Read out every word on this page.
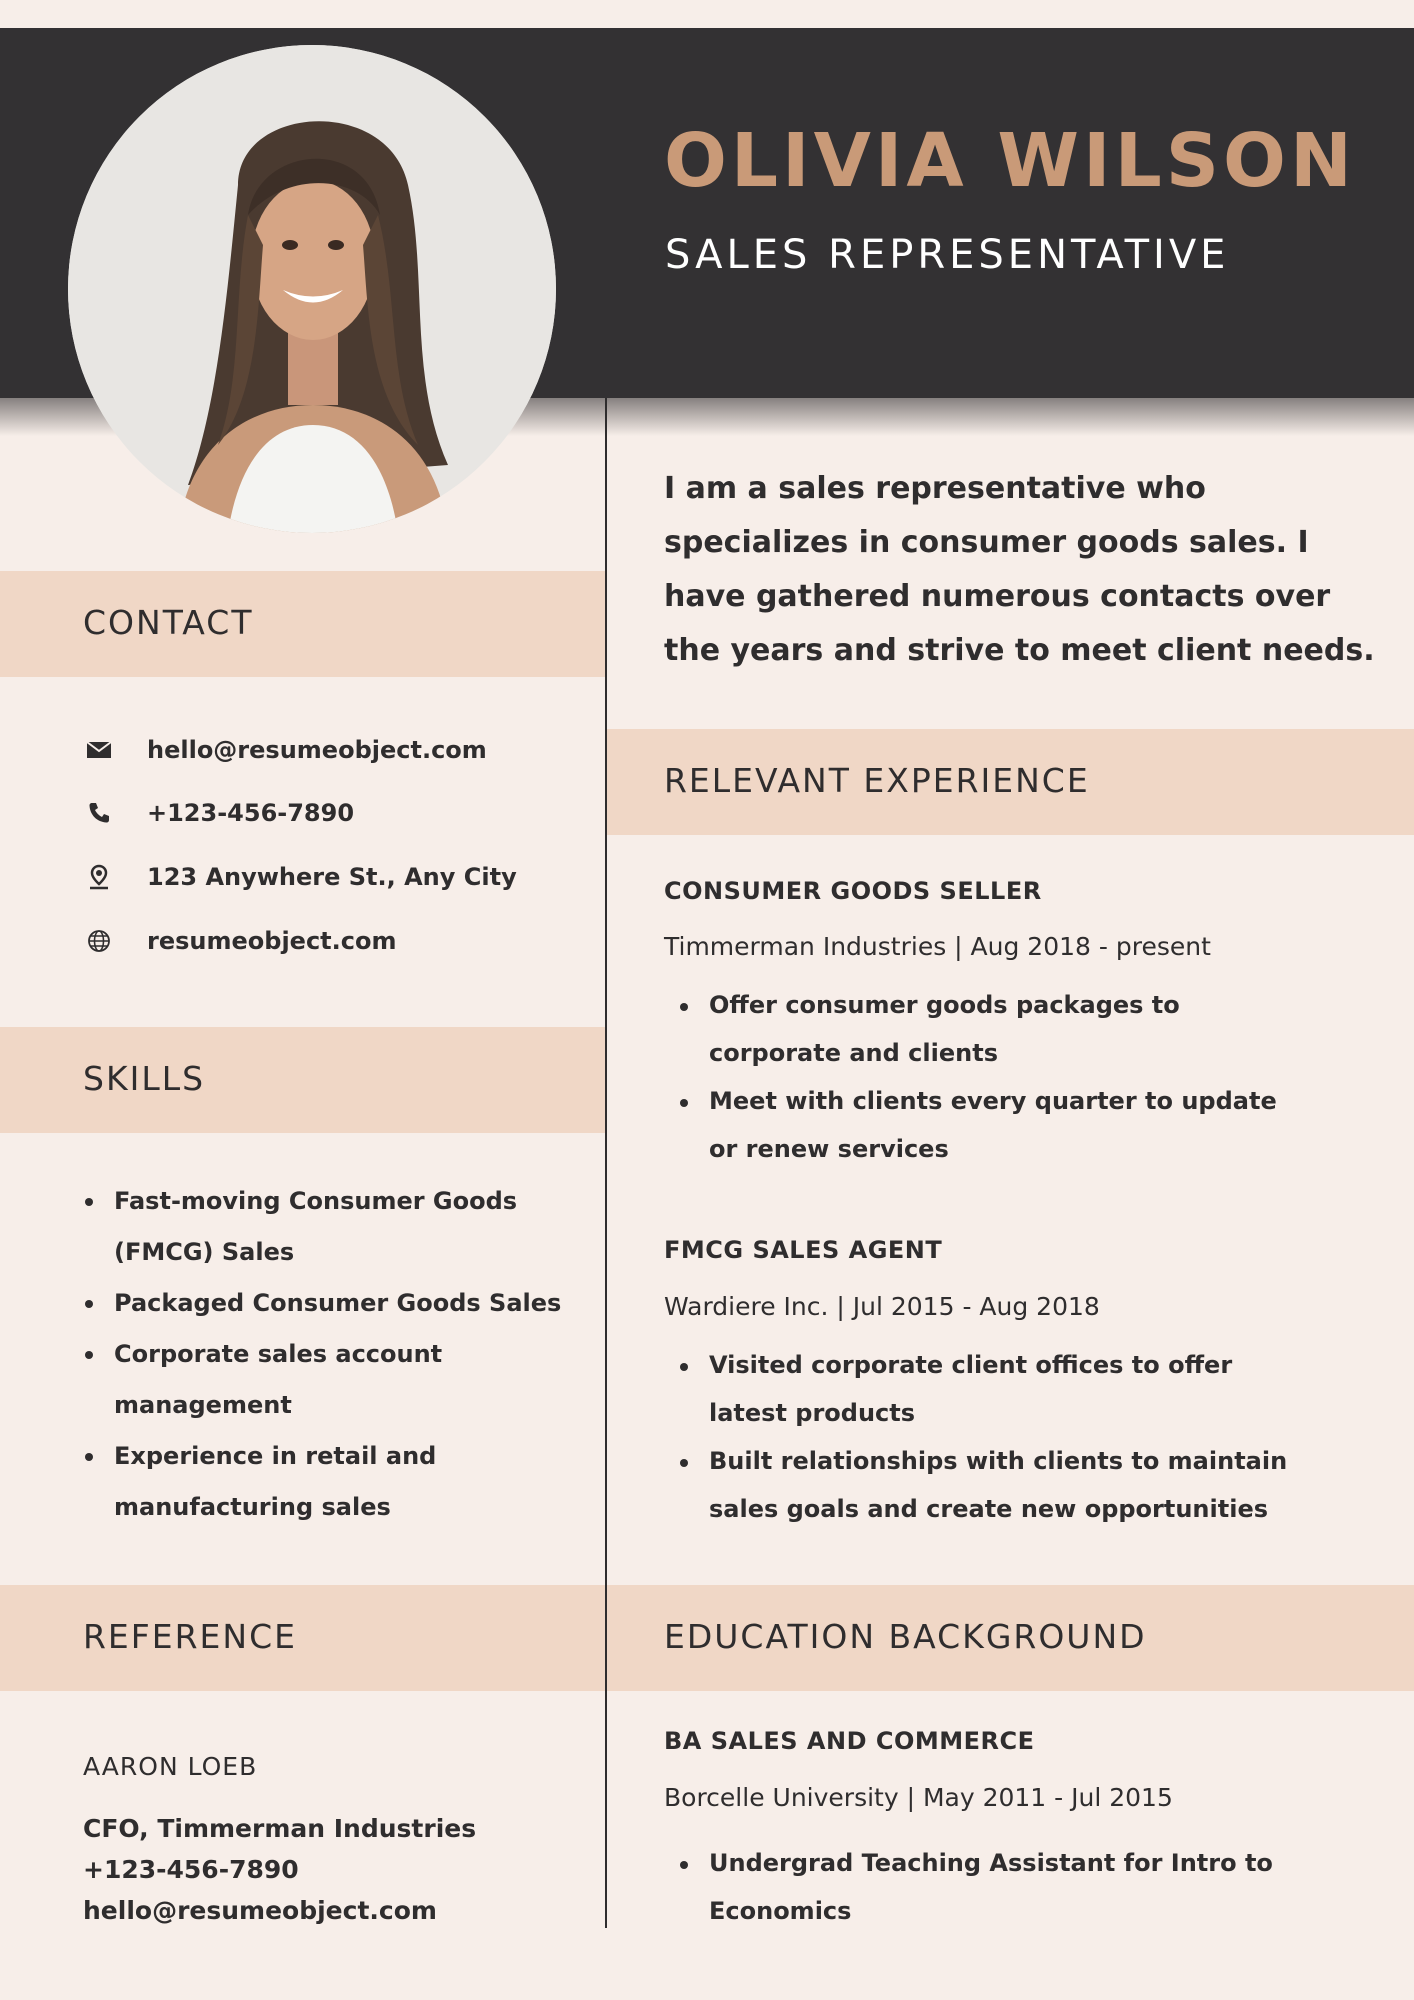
OLIVIA WILSON
SALES REPRESENTATIVE
I am a sales representative who specializes in consumer goods sales. I have gathered numerous contacts over the years and strive to meet client needs.
CONTACT
hello@resumeobject.com
+123-456-7890
123 Anywhere St., Any City
resumeobject.com
SKILLS
Fast-moving Consumer Goods (FMCG) Sales
Packaged Consumer Goods Sales
Corporate sales account management
Experience in retail and manufacturing sales
REFERENCE
AARON LOEB
CFO, Timmerman Industries
+123-456-7890
hello@resumeobject.com
RELEVANT EXPERIENCE
CONSUMER GOODS SELLER
Timmerman Industries | Aug 2018 - present
Offer consumer goods packages to corporate and clients
Meet with clients every quarter to update or renew services
FMCG SALES AGENT
Wardiere Inc. | Jul 2015 - Aug 2018
Visited corporate client offices to offer latest products
Built relationships with clients to maintain sales goals and create new opportunities
EDUCATION BACKGROUND
BA SALES AND COMMERCE
Borcelle University | May 2011 - Jul 2015
Undergrad Teaching Assistant for Intro to Economics
